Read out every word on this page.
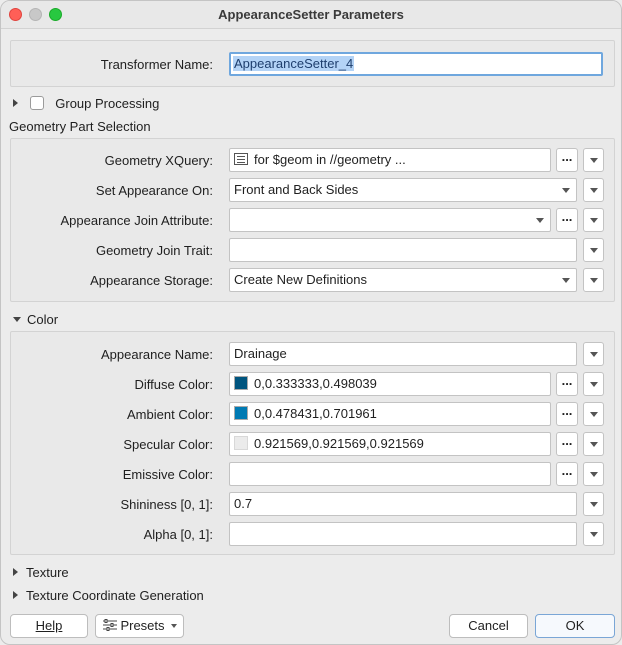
AppearanceSetter Parameters
Transformer Name:	AppearanceSetter_4
Group Processing
Geometry Part Selection
Geometry XQuery:	for $geom in //geometry ...	...
Set Appearance On:	Front and Back Sides
Appearance Join Attribute:	...
Geometry Join Trait:
Appearance Storage:	Create New Definitions
Color
Appearance Name:	Drainage
Diffuse Color:	0,0.333333,0.498039	...
Ambient Color:	0,0.478431,0.701961	...
Specular Color:	0.921569,0.921569,0.921569	...
Emissive Color:	...
Shininess [0, 1]:	0.7
Alpha [0, 1]:
Texture
Texture Coordinate Generation
Help	Presets	Cancel	OK
